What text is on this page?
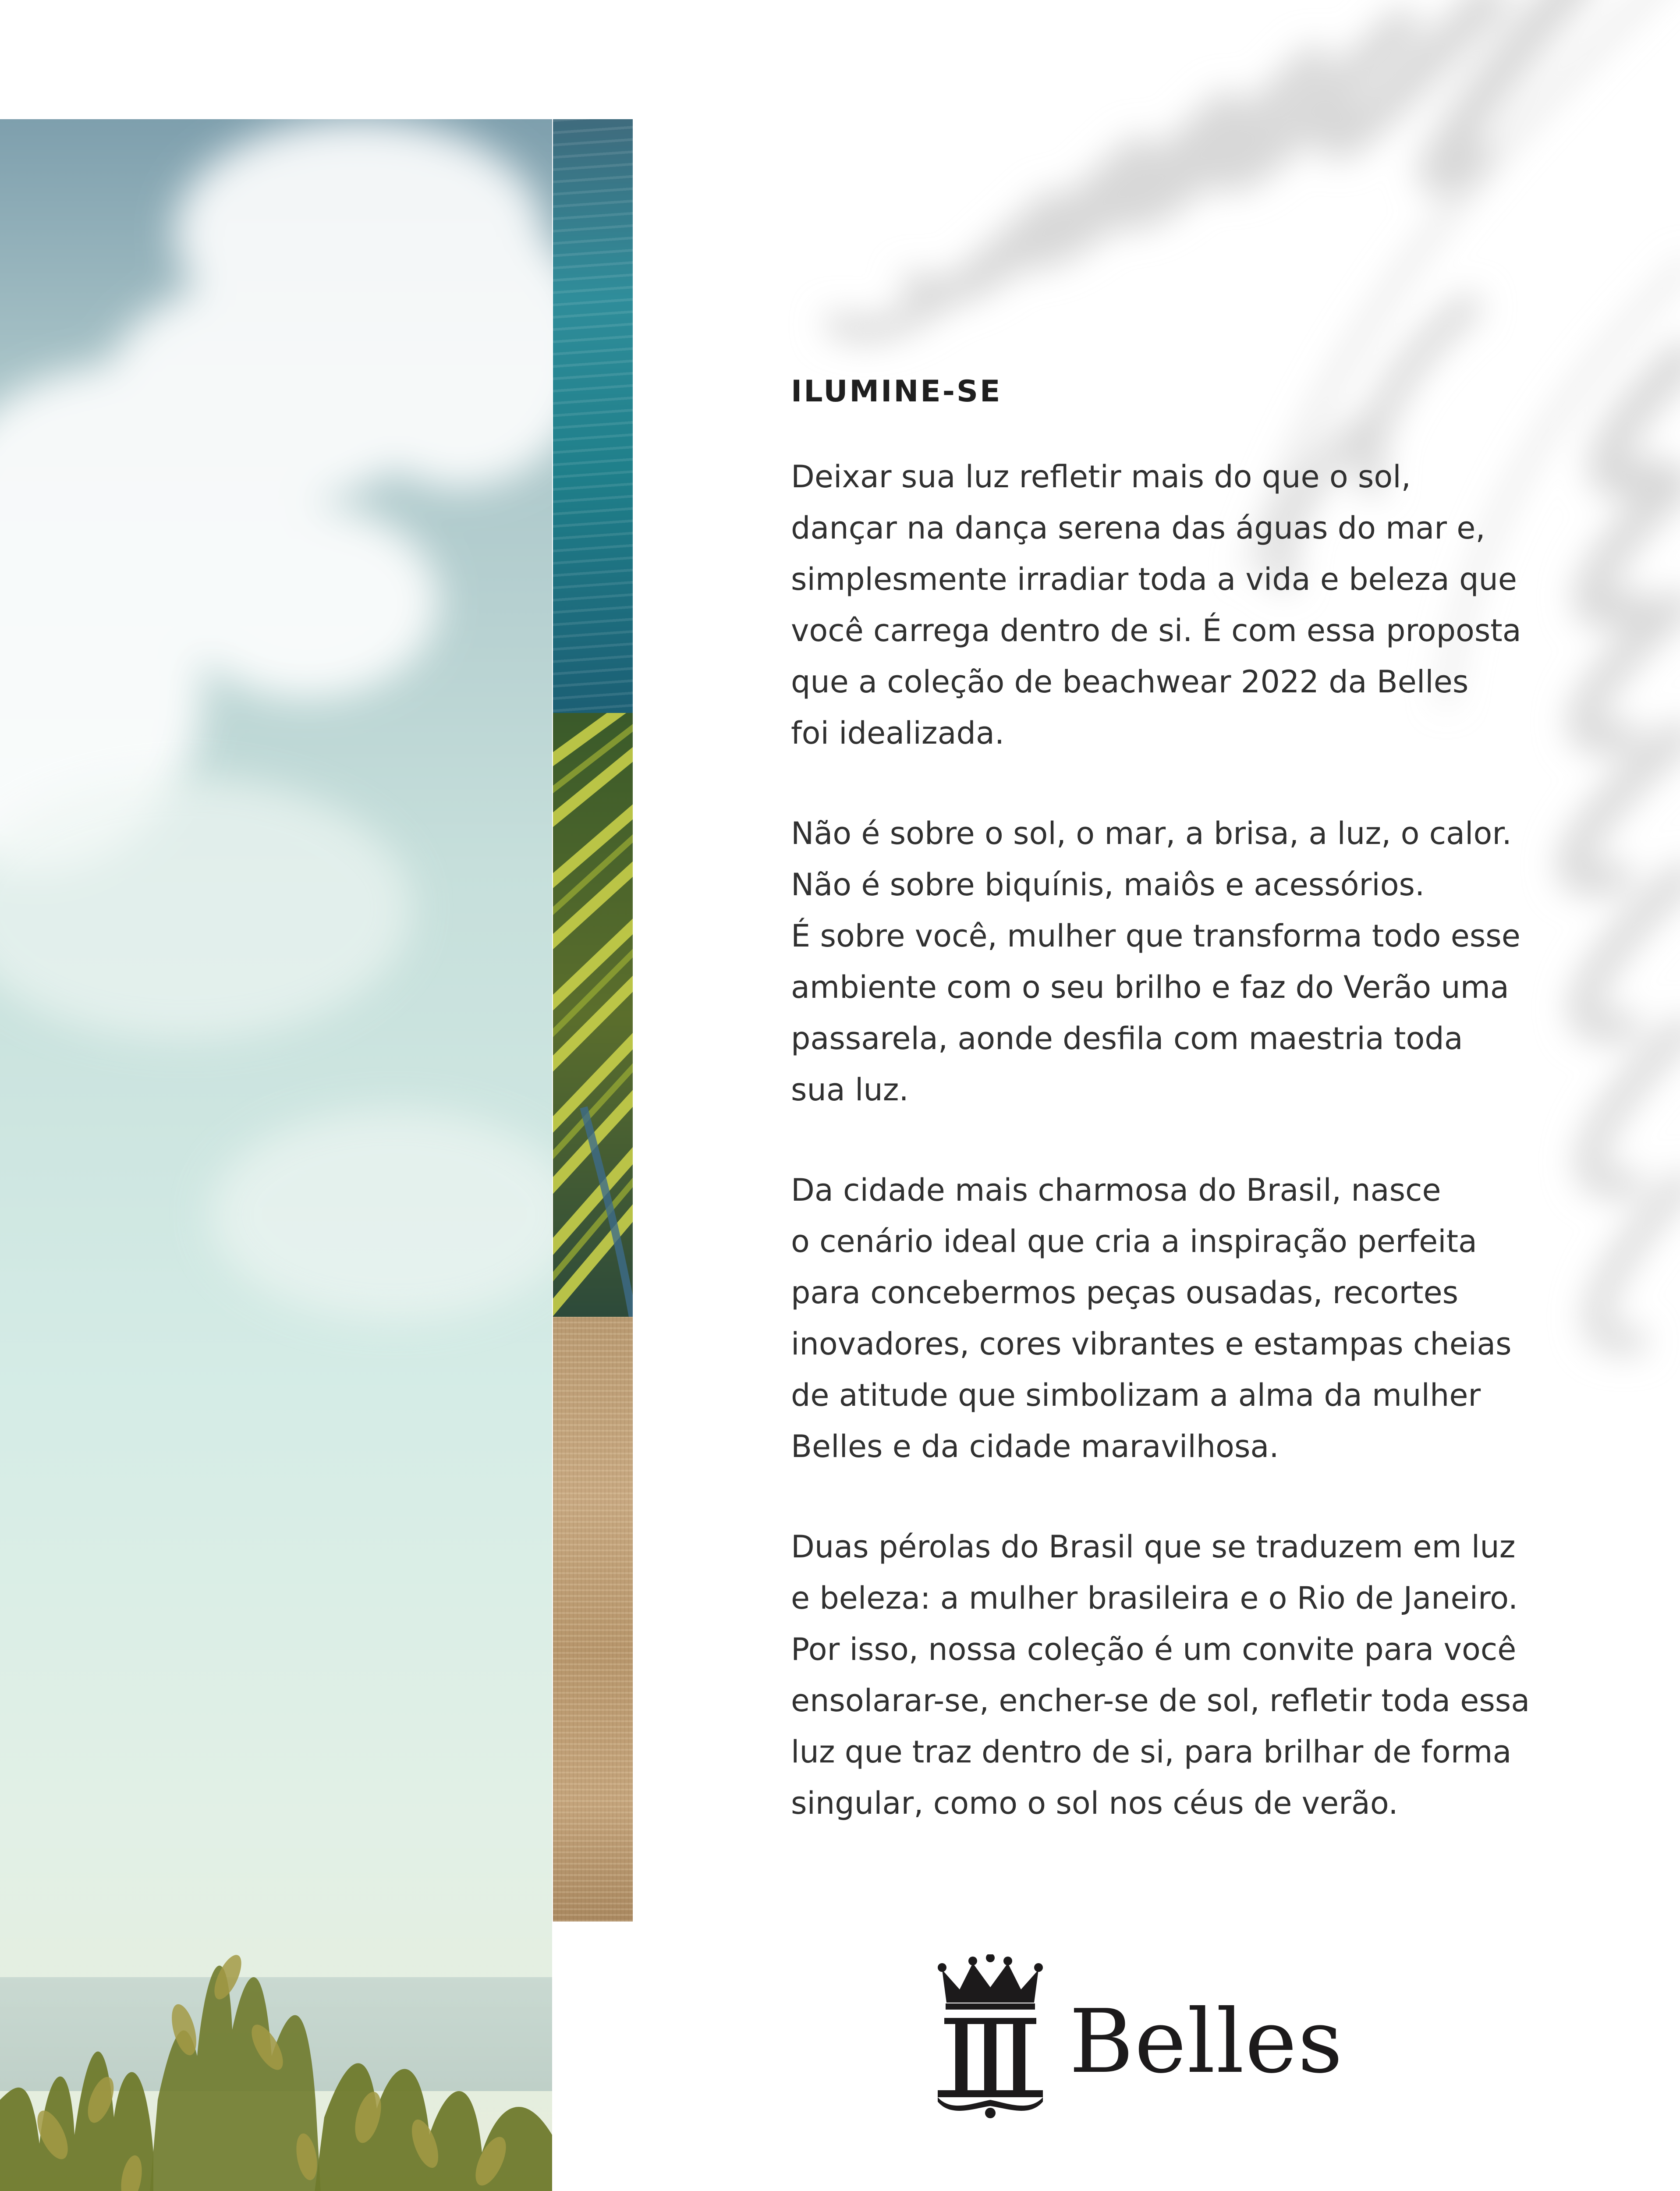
ILUMINE-SE

Deixar sua luz refletir mais do que o sol,
dançar na dança serena das águas do mar e,
simplesmente irradiar toda a vida e beleza que
você carrega dentro de si. É com essa proposta
que a coleção de beachwear 2022 da Belles
foi idealizada.

Não é sobre o sol, o mar, a brisa, a luz, o calor.
Não é sobre biquínis, maiôs e acessórios.
É sobre você, mulher que transforma todo esse
ambiente com o seu brilho e faz do Verão uma
passarela, aonde desfila com maestria toda
sua luz.

Da cidade mais charmosa do Brasil, nasce
o cenário ideal que cria a inspiração perfeita
para concebermos peças ousadas, recortes
inovadores, cores vibrantes e estampas cheias
de atitude que simbolizam a alma da mulher
Belles e da cidade maravilhosa.

Duas pérolas do Brasil que se traduzem em luz
e beleza: a mulher brasileira e o Rio de Janeiro.
Por isso, nossa coleção é um convite para você
ensolarar-se, encher-se de sol, refletir toda essa
luz que traz dentro de si, para brilhar de forma
singular, como o sol nos céus de verão.

Belles
